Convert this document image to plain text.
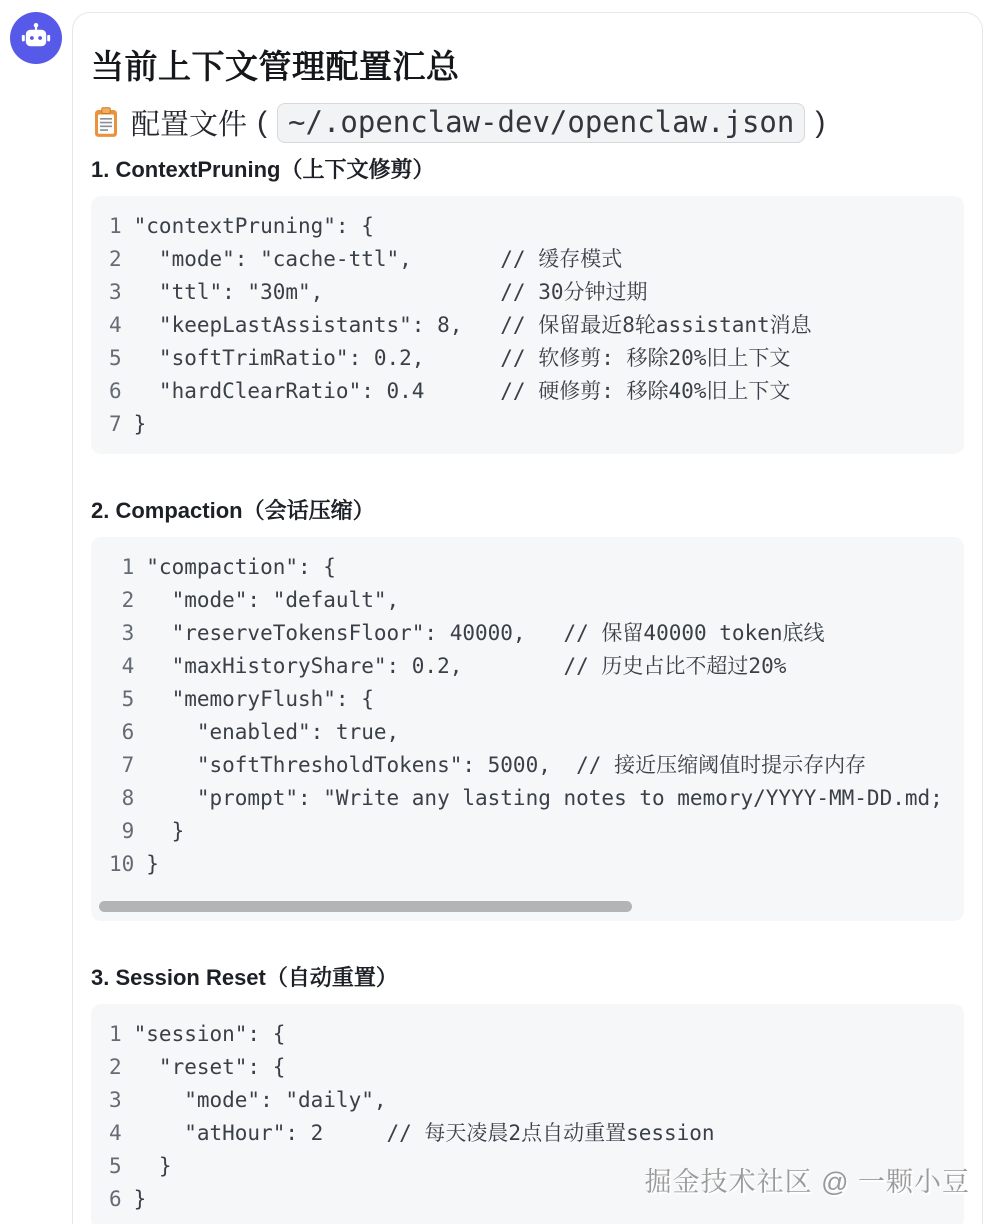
当前上下文管理配置汇总
配置文件 ( ~/.openclaw-dev/openclaw.json )
1. ContextPruning（上下文修剪）
1 "contextPruning": {
2  "mode": "cache-ttl",       // 缓存模式
3  "ttl": "30m",              // 30分钟过期
4  "keepLastAssistants": 8,   // 保留最近8轮assistant消息
5  "softTrimRatio": 0.2,      // 软修剪: 移除20%旧上下文
6  "hardClearRatio": 0.4      // 硬修剪: 移除40%旧上下文
7 }
2. Compaction（会话压缩）
1 "compaction": {
2  "mode": "default",
3  "reserveTokensFloor": 40000,   // 保留40000 token底线
4  "maxHistoryShare": 0.2,        // 历史占比不超过20%
5  "memoryFlush": {
6    "enabled": true,
7    "softThresholdTokens": 5000,  // 接近压缩阈值时提示存内存
8    "prompt": "Write any lasting notes to memory/YYYY-MM-DD.md;
9  }
10 }
3. Session Reset（自动重置）
1 "session": {
2  "reset": {
3    "mode": "daily",
4    "atHour": 2     // 每天凌晨2点自动重置session
5  }
6 }
掘金技术社区 @ 一颗小豆
